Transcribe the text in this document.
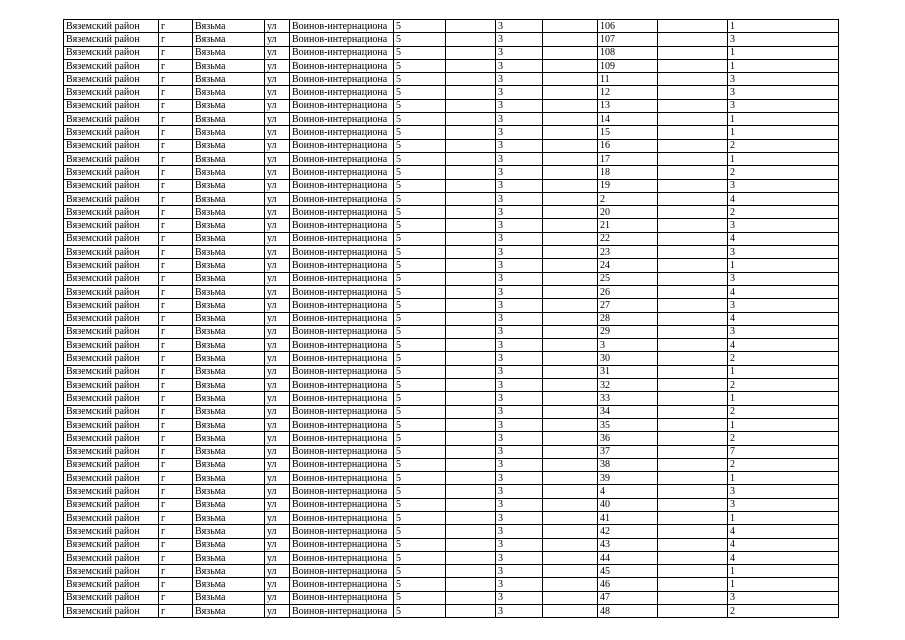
Вяземский район	г	Вязьма	ул	Воинов-интернациона	5		3		106		1
Вяземский район	г	Вязьма	ул	Воинов-интернациона	5		3		107		3
Вяземский район	г	Вязьма	ул	Воинов-интернациона	5		3		108		1
Вяземский район	г	Вязьма	ул	Воинов-интернациона	5		3		109		1
Вяземский район	г	Вязьма	ул	Воинов-интернациона	5		3		11		3
Вяземский район	г	Вязьма	ул	Воинов-интернациона	5		3		12		3
Вяземский район	г	Вязьма	ул	Воинов-интернациона	5		3		13		3
Вяземский район	г	Вязьма	ул	Воинов-интернациона	5		3		14		1
Вяземский район	г	Вязьма	ул	Воинов-интернациона	5		3		15		1
Вяземский район	г	Вязьма	ул	Воинов-интернациона	5		3		16		2
Вяземский район	г	Вязьма	ул	Воинов-интернациона	5		3		17		1
Вяземский район	г	Вязьма	ул	Воинов-интернациона	5		3		18		2
Вяземский район	г	Вязьма	ул	Воинов-интернациона	5		3		19		3
Вяземский район	г	Вязьма	ул	Воинов-интернациона	5		3		2		4
Вяземский район	г	Вязьма	ул	Воинов-интернациона	5		3		20		2
Вяземский район	г	Вязьма	ул	Воинов-интернациона	5		3		21		3
Вяземский район	г	Вязьма	ул	Воинов-интернациона	5		3		22		4
Вяземский район	г	Вязьма	ул	Воинов-интернациона	5		3		23		3
Вяземский район	г	Вязьма	ул	Воинов-интернациона	5		3		24		1
Вяземский район	г	Вязьма	ул	Воинов-интернациона	5		3		25		3
Вяземский район	г	Вязьма	ул	Воинов-интернациона	5		3		26		4
Вяземский район	г	Вязьма	ул	Воинов-интернациона	5		3		27		3
Вяземский район	г	Вязьма	ул	Воинов-интернациона	5		3		28		4
Вяземский район	г	Вязьма	ул	Воинов-интернациона	5		3		29		3
Вяземский район	г	Вязьма	ул	Воинов-интернациона	5		3		3		4
Вяземский район	г	Вязьма	ул	Воинов-интернациона	5		3		30		2
Вяземский район	г	Вязьма	ул	Воинов-интернациона	5		3		31		1
Вяземский район	г	Вязьма	ул	Воинов-интернациона	5		3		32		2
Вяземский район	г	Вязьма	ул	Воинов-интернациона	5		3		33		1
Вяземский район	г	Вязьма	ул	Воинов-интернациона	5		3		34		2
Вяземский район	г	Вязьма	ул	Воинов-интернациона	5		3		35		1
Вяземский район	г	Вязьма	ул	Воинов-интернациона	5		3		36		2
Вяземский район	г	Вязьма	ул	Воинов-интернациона	5		3		37		7
Вяземский район	г	Вязьма	ул	Воинов-интернациона	5		3		38		2
Вяземский район	г	Вязьма	ул	Воинов-интернациона	5		3		39		1
Вяземский район	г	Вязьма	ул	Воинов-интернациона	5		3		4		3
Вяземский район	г	Вязьма	ул	Воинов-интернациона	5		3		40		3
Вяземский район	г	Вязьма	ул	Воинов-интернациона	5		3		41		1
Вяземский район	г	Вязьма	ул	Воинов-интернациона	5		3		42		4
Вяземский район	г	Вязьма	ул	Воинов-интернациона	5		3		43		4
Вяземский район	г	Вязьма	ул	Воинов-интернациона	5		3		44		4
Вяземский район	г	Вязьма	ул	Воинов-интернациона	5		3		45		1
Вяземский район	г	Вязьма	ул	Воинов-интернациона	5		3		46		1
Вяземский район	г	Вязьма	ул	Воинов-интернациона	5		3		47		3
Вяземский район	г	Вязьма	ул	Воинов-интернациона	5		3		48		2
